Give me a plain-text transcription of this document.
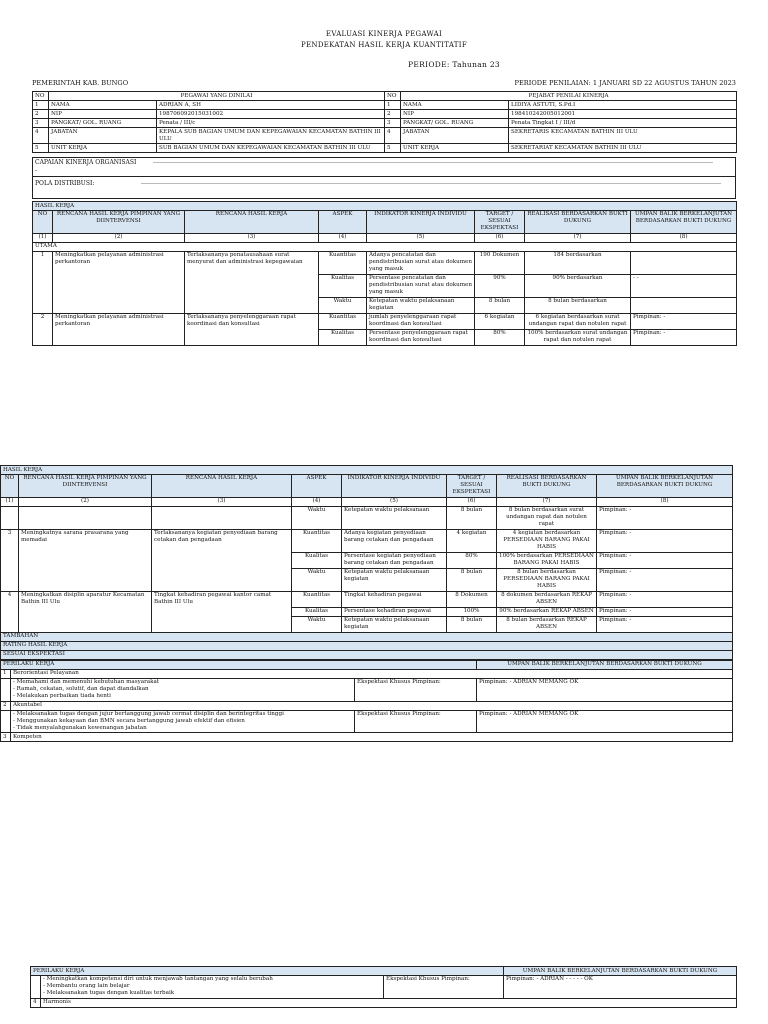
EVALUASI KINERJA PEGAWAI
PENDEKATAN HASIL KERJA KUANTITATIF
PERIODE: Tahunan 23
PEMERINTAH KAB. BUNGO	PERIODE PENILAIAN: 1 JANUARI SD 22 AGUSTUS TAHUN 2023
NO	PEGAWAI YANG DINILAI		NO	PEJABAT PENILAI KINERJA	
1	NAMA	ADRIAN A, SH	1	NAMA	LIDIYA ASTUTI, S.Pd.I
2	NIP	198706092015031002	2	NIP	198410242005012001
3	PANGKAT/ GOL. RUANG	Penata / III/c	3	PANGKAT/ GOL. RUANG	Penata Tingkat I / III/d
4	JABATAN	KEPALA SUB BAGIAN UMUM DAN KEPEGAWAIAN KECAMATAN BATHIN III ULU	4	JABATAN	SEKRETARIS KECAMATAN BATHIN III ULU
5	UNIT KERJA	SUB BAGIAN UMUM DAN KEPEGAWAIAN KECAMATAN BATHIN III ULU	5	UNIT KERJA	SEKRETARIAT KECAMATAN BATHIN III ULU
CAPAIAN KINERJA ORGANISASI
-
POLA DISTRIBUSI:
HASIL KERJA							
NO	RENCANA HASIL KERJA PIMPINAN YANG DIINTERVENSI	RENCANA HASIL KERJA	ASPEK	INDIKATOR KINERJA INDIVIDU	TARGET / SESUAI EKSPEKTASI	REALISASI BERDASARKAN BUKTI DUKUNG	UMPAN BALIK BERKELANJUTAN BERDASARKAN BUKTI DUKUNG
(1)	(2)	(3)	(4)	(5)	(6)	(7)	(8)
UTAMA							
1	Meningkatkan pelayanan administrasi perkantoran	Terlaksananya penatausahaan surat menyurat dan administrasi kepegawaian	Kuantitas	Adanya pencatatan dan pendistribusian surat atau dokumen yang masuk	190 Dokumen	184 berdasarkan	
			Kualitas	Persentase pencatatan dan pendistribusian surat atau dokumen yang masuk	90%	90% berdasarkan	- -
			Waktu	Ketepatan waktu pelaksanaan kegiatan	8 bulan	8 bulan berdasarkan	
2	Meningkatkan pelayanan administrasi perkantoran	Terlaksananya penyelenggaraan rapat koordinasi dan konsultasi	Kuantitas	jumlah penyelenggaraan rapat koordinasi dan konsultasi	6 kegiatan	6 kegiatan berdasarkan surat undangan rapat dan notulen rapat	Pimpinan: -
			Kualitas	Persentase penyelenggaraan rapat koordinasi dan konsultasi	80%	100% berdasarkan surat undangan rapat dan notulen rapat	Pimpinan: -
HASIL KERJA							
NO	RENCANA HASIL KERJA PIMPINAN YANG DIINTERVENSI	RENCANA HASIL KERJA	ASPEK	INDIKATOR KINERJA INDIVIDU	TARGET / SESUAI EKSPEKTASI	REALISASI BERDASARKAN BUKTI DUKUNG	UMPAN BALIK BERKELANJUTAN BERDASARKAN BUKTI DUKUNG
(1)	(2)	(3)	(4)	(5)	(6)	(7)	(8)
			Waktu	Ketepatan waktu pelaksanaan	8 bulan	8 bulan berdasarkan surat undangan rapat dan notulen rapat	Pimpinan: -
3	Meningkatnya sarana prasarana yang memadai	Terlaksananya kegiatan penyediaan barang cetakan dan pengadaan	Kuantitas	Adanya kegiatan penyediaan barang cetakan dan pengadaan	4 kegiatan	4 kegiatan berdasarkan PERSEDIAAN BARANG PAKAI HABIS	Pimpinan: -
			Kualitas	Persentase kegiatan penyediaan barang cetakan dan pengadaan	80%	100% berdasarkan PERSEDIAAN BARANG PAKAI HABIS	Pimpinan: -
			Waktu	Ketepatan waktu pelaksanaan kegiatan	8 bulan	8 bulan berdasarkan PERSEDIAAN BARANG PAKAI HABIS	Pimpinan: -
4	Meningkatkan disiplin aparatur Kecamatan Bathin III Ulu	Tingkat kehadiran pegawai kantor camat Bathin III Ulu	Kuantitas	Tingkat kehadiran pegawai	8 Dokumen	8 dokumen berdasarkan REKAP ABSEN	Pimpinan: -
			Kualitas	Persentase kehadiran pegawai	100%	90% berdasarkan REKAP ABSEN	Pimpinan: -
			Waktu	Ketepatan waktu pelaksanaan kegiatan	8 bulan	8 bulan berdasarkan REKAP ABSEN	Pimpinan: -
TAMBAHAN							
RATING HASIL KERJA							
SESUAI EKSPEKTASI							
PERILAKU KERJA			UMPAN BALIK BERKELANJUTAN BERDASARKAN BUKTI DUKUNG
1	Berorientasi Pelayanan		

	- Memahami dan memenuhi kebutuhan masyarakat
- Ramah, cekatan, solutif, dan dapat diandalkan
- Melakukan perbaikan tiada henti	Ekspektasi Khusus Pimpinan:	Pimpinan: - ADRIAN MEMANG OK
2	Akuntabel		

	- Melaksanakan tugas dengan jujur bertanggung jawab cermat disiplin dan berintegritas tinggi
- Menggunakan kekayaan dan BMN secara bertanggung jawab efektif dan efisien
- Tidak menyalahgunakan kewenangan jabatan	Ekspektasi Khusus Pimpinan:	Pimpinan: - ADRIAN MEMANG OK
3	Kompeten		
PERILAKU KERJA			UMPAN BALIK BERKELANJUTAN BERDASARKAN BUKTI DUKUNG

	- Meningkatkan kompetensi diri untuk menjawab tantangan yang selalu berubah
- Membantu orang lain belajar
- Melaksanakan tugas dengan kualitas terbaik	Ekspektasi Khusus Pimpinan:	Pimpinan: - ADRIAN - - - - - OK
4	Harmonis		
